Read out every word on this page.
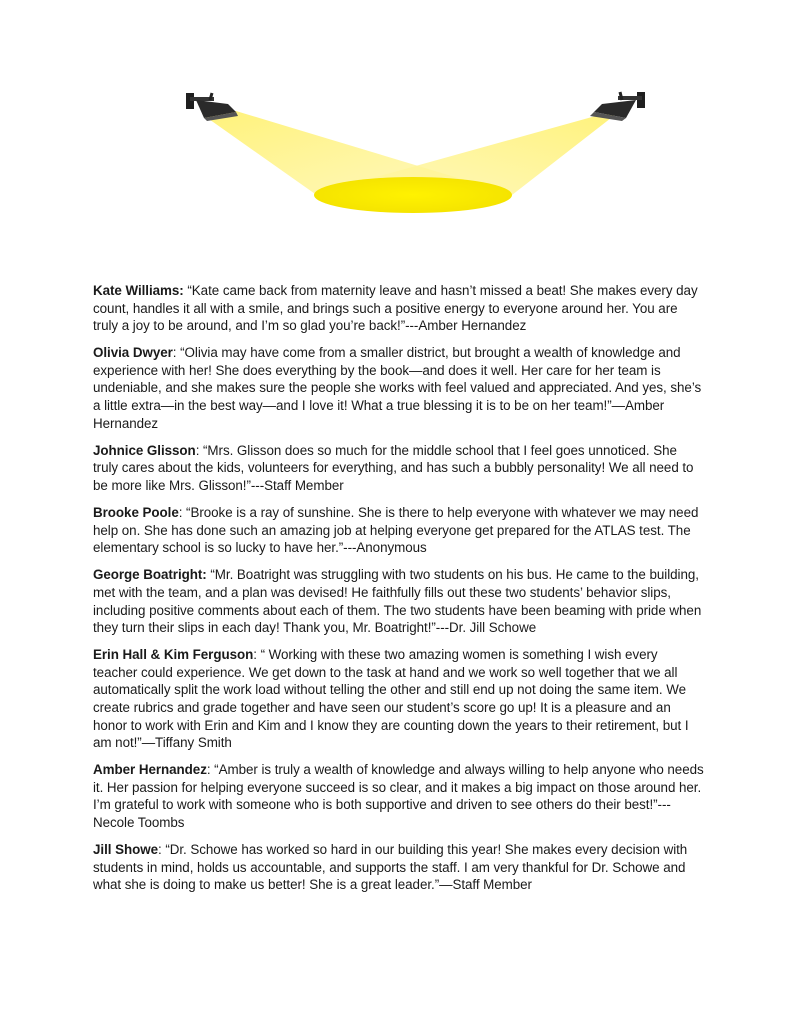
Kate Williams: “Kate came back from maternity leave and hasn’t missed a beat! She makes every day count, handles it all with a smile, and brings such a positive energy to everyone around her. You are truly a joy to be around, and I’m so glad you’re back!”---Amber Hernandez

Olivia Dwyer: “Olivia may have come from a smaller district, but brought a wealth of knowledge and experience with her! She does everything by the book—and does it well. Her care for her team is undeniable, and she makes sure the people she works with feel valued and appreciated. And yes, she’s a little extra—in the best way—and I love it! What a true blessing it is to be on her team!”—Amber Hernandez

Johnice Glisson: “Mrs. Glisson does so much for the middle school that I feel goes unnoticed. She truly cares about the kids, volunteers for everything, and has such a bubbly personality! We all need to be more like Mrs. Glisson!”---Staff Member

Brooke Poole: “Brooke is a ray of sunshine. She is there to help everyone with whatever we may need help on. She has done such an amazing job at helping everyone get prepared for the ATLAS test. The elementary school is so lucky to have her.”---Anonymous

George Boatright: “Mr. Boatright was struggling with two students on his bus. He came to the building, met with the team, and a plan was devised! He faithfully fills out these two students’ behavior slips, including positive comments about each of them. The two students have been beaming with pride when they turn their slips in each day! Thank you, Mr. Boatright!”---Dr. Jill Schowe

Erin Hall & Kim Ferguson: “ Working with these two amazing women is something I wish every teacher could experience. We get down to the task at hand and we work so well together that we all automatically split the work load without telling the other and still end up not doing the same item. We create rubrics and grade together and have seen our student’s score go up! It is a pleasure and an honor to work with Erin and Kim and I know they are counting down the years to their retirement, but I am not!”—Tiffany Smith

Amber Hernandez: “Amber is truly a wealth of knowledge and always willing to help anyone who needs it. Her passion for helping everyone succeed is so clear, and it makes a big impact on those around her. I’m grateful to work with someone who is both supportive and driven to see others do their best!”---Necole Toombs

Jill Showe: “Dr. Schowe has worked so hard in our building this year! She makes every decision with students in mind, holds us accountable, and supports the staff. I am very thankful for Dr. Schowe and what she is doing to make us better! She is a great leader.”—Staff Member
